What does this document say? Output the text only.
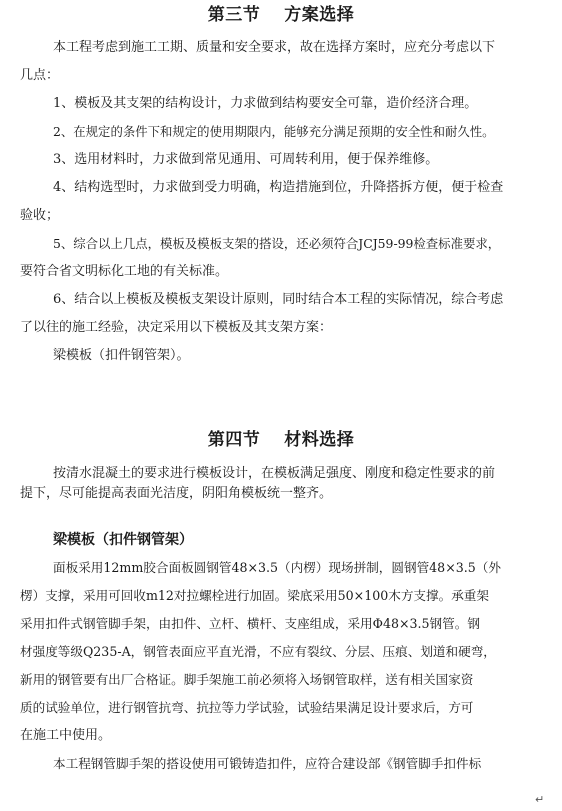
第三节　 方案选择
本工程考虑到施工工期、质量和安全要求，故在选择方案时，应充分考虑以下
几点：
1、模板及其支架的结构设计，力求做到结构要安全可靠，造价经济合理。
2、在规定的条件下和规定的使用期限内，能够充分满足预期的安全性和耐久性。
3、选用材料时，力求做到常见通用、可周转利用，便于保养维修。
4、结构选型时，力求做到受力明确，构造措施到位，升降搭拆方便，便于检查
验收；
5、综合以上几点，模板及模板支架的搭设，还必须符合JCJ59-99检查标准要求，
要符合省文明标化工地的有关标准。
6、结合以上模板及模板支架设计原则，同时结合本工程的实际情况，综合考虑
了以往的施工经验，决定采用以下模板及其支架方案：
梁模板（扣件钢管架）。
第四节　 材料选择
按清水混凝土的要求进行模板设计，在模板满足强度、刚度和稳定性要求的前
提下，尽可能提高表面光洁度，阴阳角模板统一整齐。
梁模板（扣件钢管架）
面板采用12mm胶合面板圆钢管48×3.5（内楞）现场拼制，圆钢管48×3.5（外
楞）支撑，采用可回收m12对拉螺栓进行加固。梁底采用50×100木方支撑。承重架
采用扣件式钢管脚手架，由扣件、立杆、横杆、支座组成，采用Φ48×3.5钢管。钢
材强度等级Q235-A，钢管表面应平直光滑，不应有裂纹、分层、压痕、划道和硬弯，
新用的钢管要有出厂合格证。脚手架施工前必须将入场钢管取样，送有相关国家资
质的试验单位，进行钢管抗弯、抗拉等力学试验，试验结果满足设计要求后，方可
在施工中使用。
本工程钢管脚手架的搭设使用可锻铸造扣件，应符合建设部《钢管脚手扣件标
↵
